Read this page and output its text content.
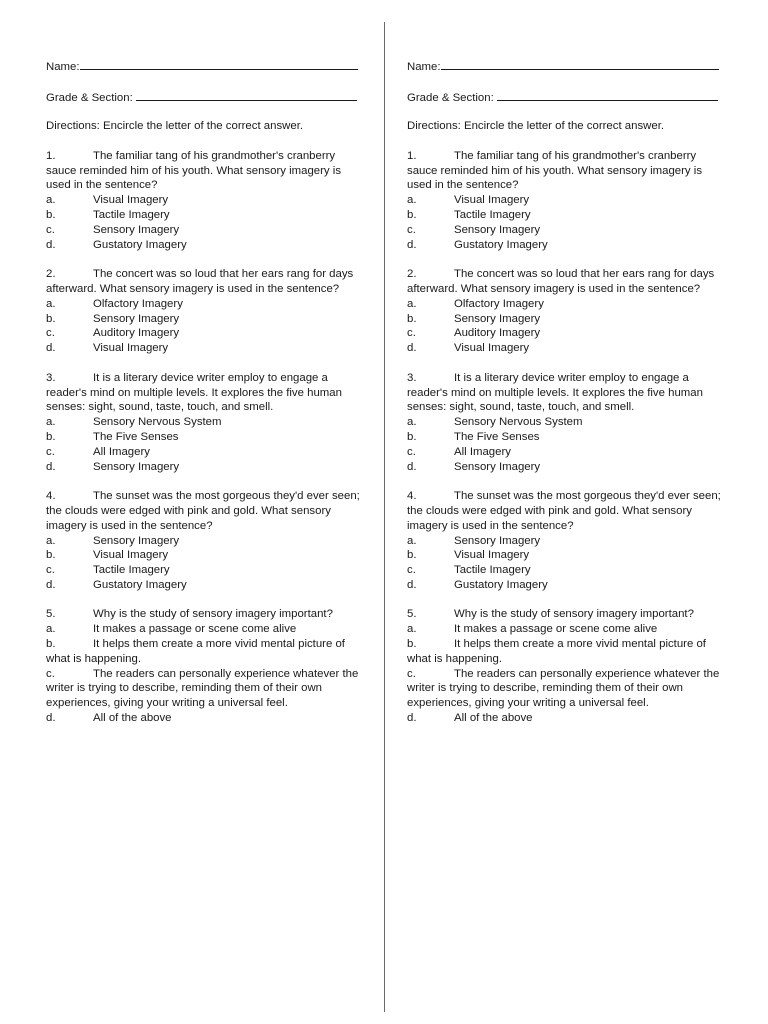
Name:
Grade & Section:
Directions: Encircle the letter of the correct answer.
1.	The familiar tang of his grandmother's cranberry sauce reminded him of his youth. What sensory imagery is used in the sentence?
a.	Visual Imagery
b.	Tactile Imagery
c.	Sensory Imagery
d.	Gustatory Imagery
2.	The concert was so loud that her ears rang for days afterward. What sensory imagery is used in the sentence?
a.	Olfactory Imagery
b.	Sensory Imagery
c.	Auditory Imagery
d.	Visual Imagery
3.	It is a literary device writer employ to engage a reader's mind on multiple levels. It explores the five human senses: sight, sound, taste, touch, and smell.
a.	Sensory Nervous System
b.	The Five Senses
c.	All Imagery
d.	Sensory Imagery
4.	The sunset was the most gorgeous they'd ever seen; the clouds were edged with pink and gold. What sensory imagery is used in the sentence?
a.	Sensory Imagery
b.	Visual Imagery
c.	Tactile Imagery
d.	Gustatory Imagery
5.	Why is the study of sensory imagery important?
a.	It makes a passage or scene come alive
b.	It helps them create a more vivid mental picture of what is happening.
c.	The readers can personally experience whatever the writer is trying to describe, reminding them of their own experiences, giving your writing a universal feel.
d.	All of the above
Name:
Grade & Section:
Directions: Encircle the letter of the correct answer.
1.	The familiar tang of his grandmother's cranberry sauce reminded him of his youth. What sensory imagery is used in the sentence?
a.	Visual Imagery
b.	Tactile Imagery
c.	Sensory Imagery
d.	Gustatory Imagery
2.	The concert was so loud that her ears rang for days afterward. What sensory imagery is used in the sentence?
a.	Olfactory Imagery
b.	Sensory Imagery
c.	Auditory Imagery
d.	Visual Imagery
3.	It is a literary device writer employ to engage a reader's mind on multiple levels. It explores the five human senses: sight, sound, taste, touch, and smell.
a.	Sensory Nervous System
b.	The Five Senses
c.	All Imagery
d.	Sensory Imagery
4.	The sunset was the most gorgeous they'd ever seen; the clouds were edged with pink and gold. What sensory imagery is used in the sentence?
a.	Sensory Imagery
b.	Visual Imagery
c.	Tactile Imagery
d.	Gustatory Imagery
5.	Why is the study of sensory imagery important?
a.	It makes a passage or scene come alive
b.	It helps them create a more vivid mental picture of what is happening.
c.	The readers can personally experience whatever the writer is trying to describe, reminding them of their own experiences, giving your writing a universal feel.
d.	All of the above
